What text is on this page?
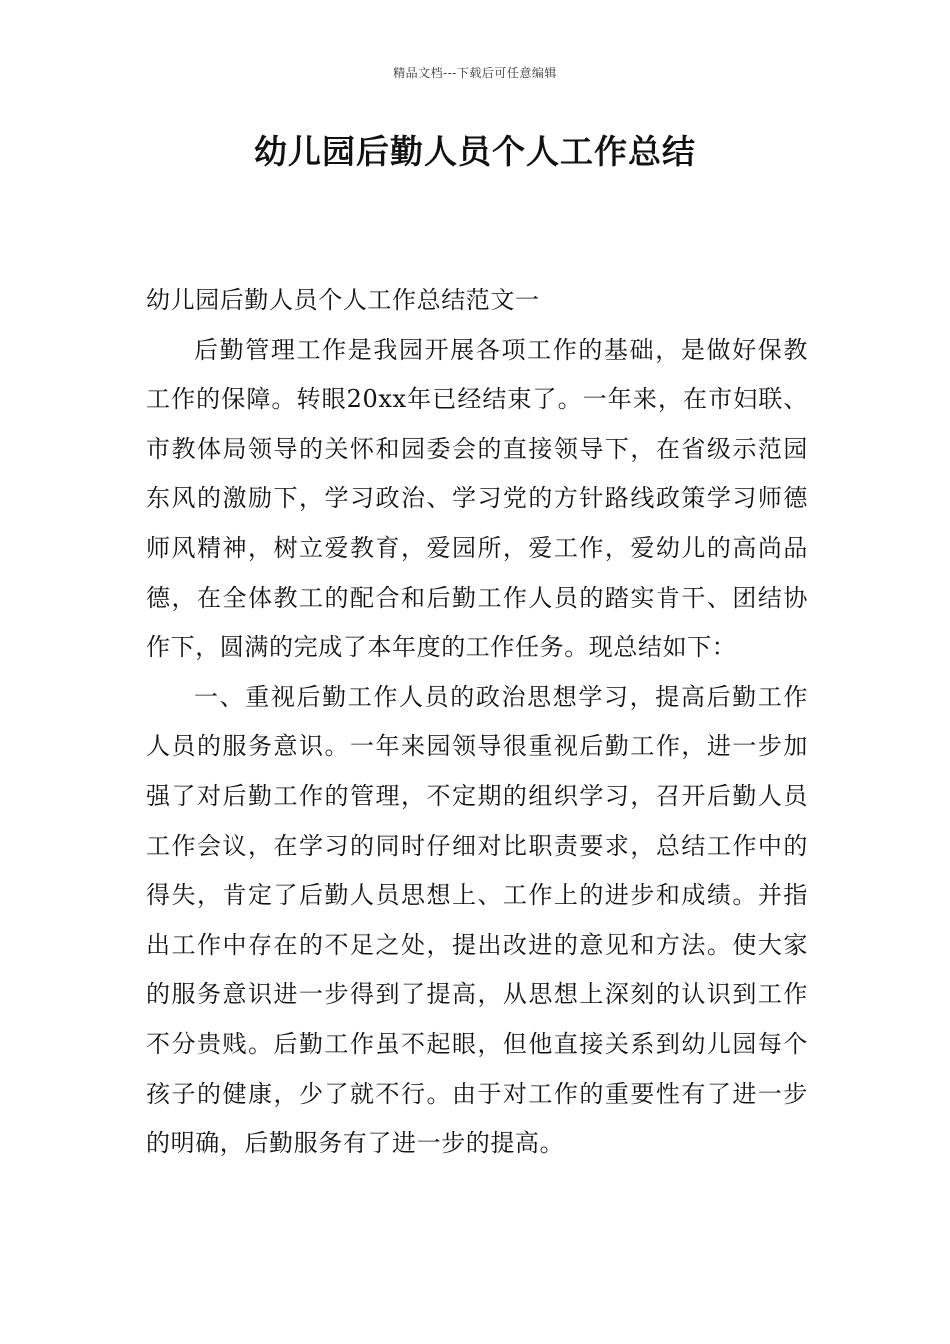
精品文档---下载后可任意编辑
幼儿园后勤人员个人工作总结

幼儿园后勤人员个人工作总结范文一

后勤管理工作是我园开展各项工作的基础，是做好保教工作的保障。转眼20xx年已经结束了。一年来，在市妇联、市教体局领导的关怀和园委会的直接领导下，在省级示范园东风的激励下，学习政治、学习党的方针路线政策学习师德师风精神，树立爱教育，爱园所，爱工作，爱幼儿的高尚品德，在全体教工的配合和后勤工作人员的踏实肯干、团结协作下，圆满的完成了本年度的工作任务。现总结如下：

一、重视后勤工作人员的政治思想学习，提高后勤工作人员的服务意识。一年来园领导很重视后勤工作，进一步加强了对后勤工作的管理，不定期的组织学习，召开后勤人员工作会议，在学习的同时仔细对比职责要求，总结工作中的得失，肯定了后勤人员思想上、工作上的进步和成绩。并指出工作中存在的不足之处，提出改进的意见和方法。使大家的服务意识进一步得到了提高，从思想上深刻的认识到工作不分贵贱。后勤工作虽不起眼，但他直接关系到幼儿园每个孩子的健康，少了就不行。由于对工作的重要性有了进一步的明确，后勤服务有了进一步的提高。
